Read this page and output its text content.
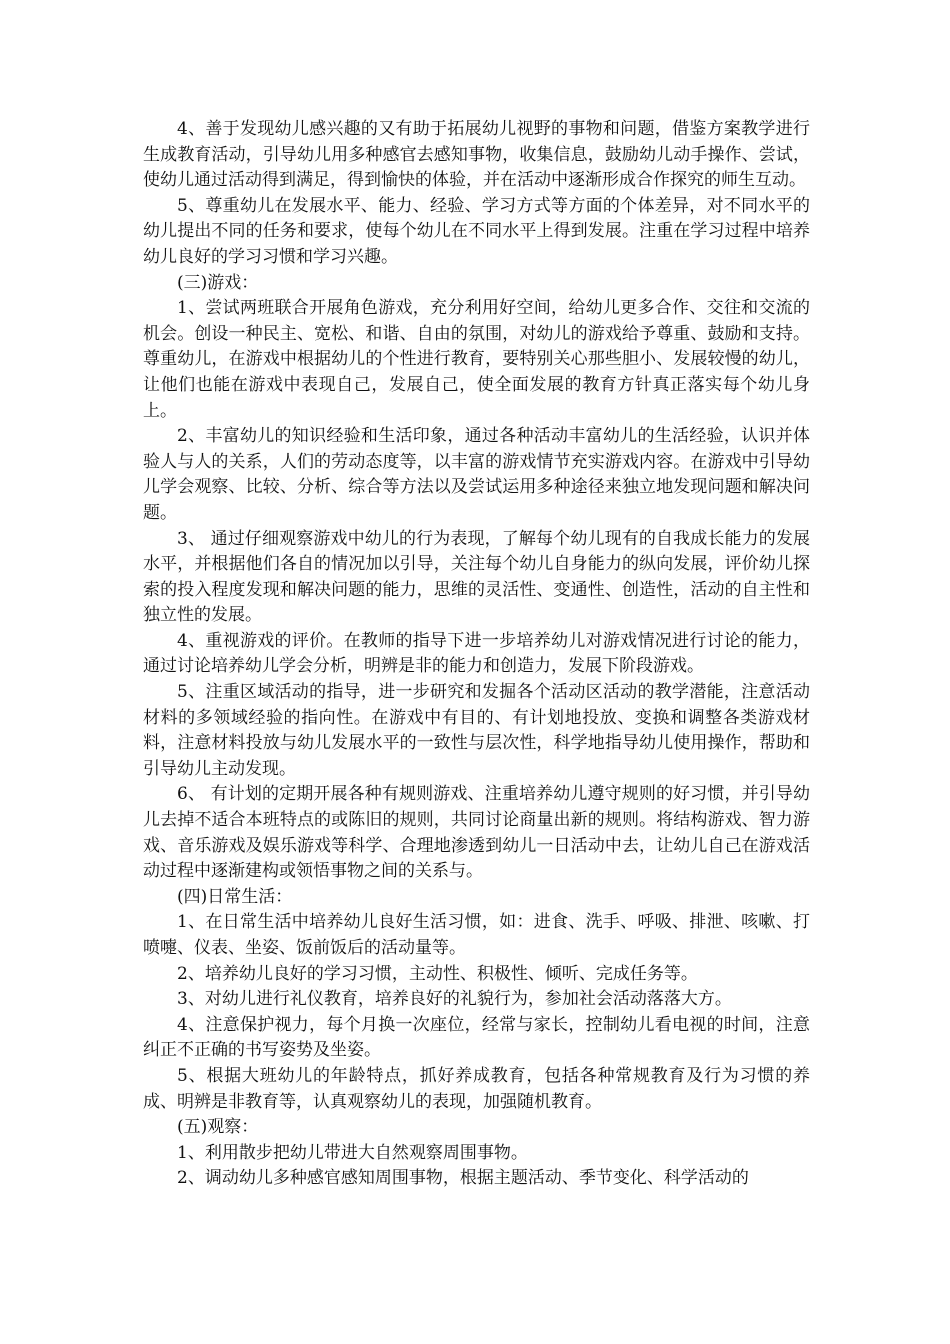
4、善于发现幼儿感兴趣的又有助于拓展幼儿视野的事物和问题，借鉴方案教学进行生成教育活动，引导幼儿用多种感官去感知事物，收集信息，鼓励幼儿动手操作、尝试，使幼儿通过活动得到满足，得到愉快的体验，并在活动中逐渐形成合作探究的师生互动。

5、尊重幼儿在发展水平、能力、经验、学习方式等方面的个体差异，对不同水平的幼儿提出不同的任务和要求，使每个幼儿在不同水平上得到发展。注重在学习过程中培养幼儿良好的学习习惯和学习兴趣。

(三)游戏：

1、尝试两班联合开展角色游戏，充分利用好空间，给幼儿更多合作、交往和交流的机会。创设一种民主、宽松、和谐、自由的氛围，对幼儿的游戏给予尊重、鼓励和支持。尊重幼儿，在游戏中根据幼儿的个性进行教育，要特别关心那些胆小、发展较慢的幼儿，让他们也能在游戏中表现自己，发展自己，使全面发展的教育方针真正落实每个幼儿身上。

2、丰富幼儿的知识经验和生活印象，通过各种活动丰富幼儿的生活经验，认识并体验人与人的关系，人们的劳动态度等，以丰富的游戏情节充实游戏内容。在游戏中引导幼儿学会观察、比较、分析、综合等方法以及尝试运用多种途径来独立地发现问题和解决问题。

3、 通过仔细观察游戏中幼儿的行为表现，了解每个幼儿现有的自我成长能力的发展水平，并根据他们各自的情况加以引导，关注每个幼儿自身能力的纵向发展，评价幼儿探索的投入程度发现和解决问题的能力，思维的灵活性、变通性、创造性，活动的自主性和独立性的发展。

4、重视游戏的评价。在教师的指导下进一步培养幼儿对游戏情况进行讨论的能力，通过讨论培养幼儿学会分析，明辨是非的能力和创造力，发展下阶段游戏。

5、注重区域活动的指导，进一步研究和发掘各个活动区活动的教学潜能，注意活动材料的多领域经验的指向性。在游戏中有目的、有计划地投放、变换和调整各类游戏材料，注意材料投放与幼儿发展水平的一致性与层次性，科学地指导幼儿使用操作，帮助和引导幼儿主动发现。

6、 有计划的定期开展各种有规则游戏、注重培养幼儿遵守规则的好习惯，并引导幼儿去掉不适合本班特点的或陈旧的规则，共同讨论商量出新的规则。将结构游戏、智力游戏、音乐游戏及娱乐游戏等科学、合理地渗透到幼儿一日活动中去，让幼儿自己在游戏活动过程中逐渐建构或领悟事物之间的关系与。

(四)日常生活：

1、在日常生活中培养幼儿良好生活习惯，如：进食、洗手、呼吸、排泄、咳嗽、打喷嚏、仪表、坐姿、饭前饭后的活动量等。

2、培养幼儿良好的学习习惯，主动性、积极性、倾听、完成任务等。

3、对幼儿进行礼仪教育，培养良好的礼貌行为，参加社会活动落落大方。

4、注意保护视力，每个月换一次座位，经常与家长，控制幼儿看电视的时间，注意纠正不正确的书写姿势及坐姿。

5、根据大班幼儿的年龄特点，抓好养成教育，包括各种常规教育及行为习惯的养成、明辨是非教育等，认真观察幼儿的表现，加强随机教育。

(五)观察：

1、利用散步把幼儿带进大自然观察周围事物。

2、调动幼儿多种感官感知周围事物，根据主题活动、季节变化、科学活动的
